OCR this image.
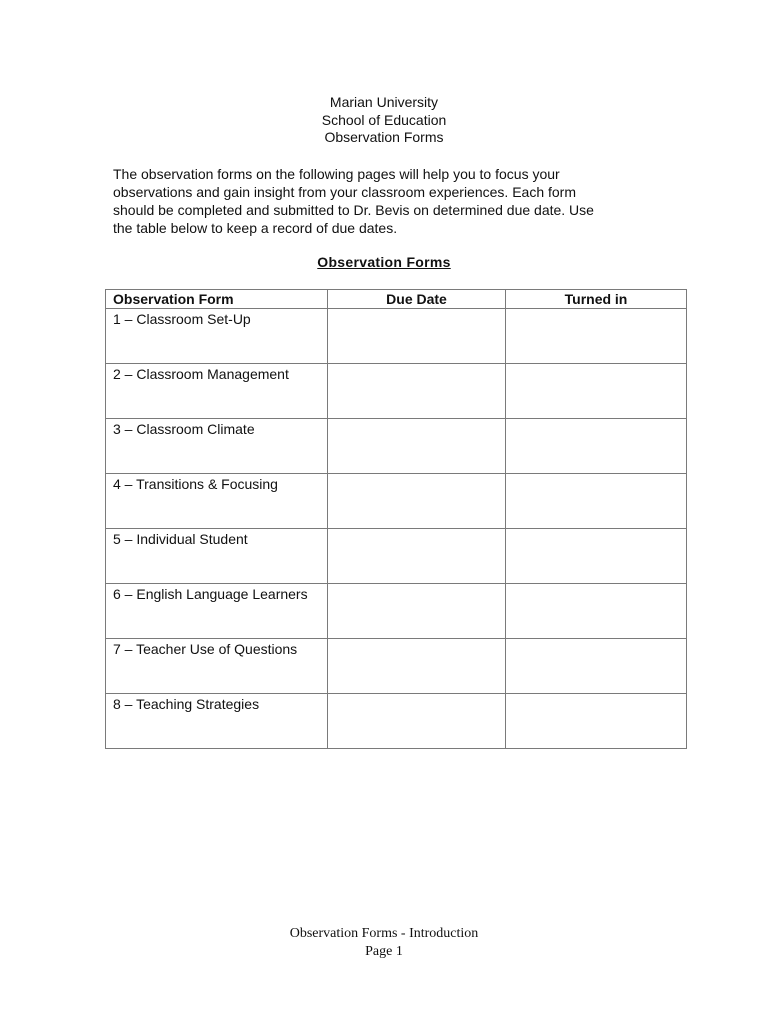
Marian University
School of Education
Observation Forms

The observation forms on the following pages will help you to focus your
observations and gain insight from your classroom experiences. Each form
should be completed and submitted to Dr. Bevis on determined due date. Use
the table below to keep a record of due dates.

Observation Forms
Observation Form	Due Date	Turned in
1 – Classroom Set-Up		
2 – Classroom Management		
3 – Classroom Climate		
4 – Transitions & Focusing		
5 – Individual Student		
6 – English Language Learners		
7 – Teacher Use of Questions		
8 – Teaching Strategies		
Observation Forms - Introduction
Page 1
